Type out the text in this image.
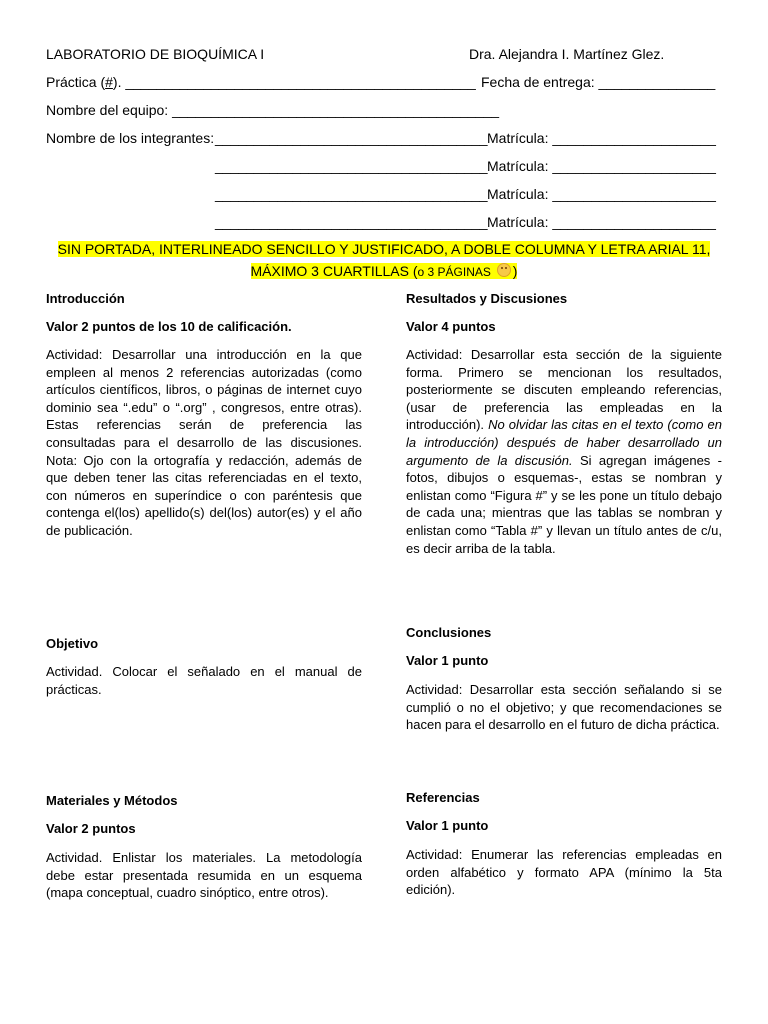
LABORATORIO DE BIOQUÍMICA I	Dra. Alejandra I. Martínez Glez.
Práctica (#). _____________________________________________ Fecha de entrega: _______________
Nombre del equipo: __________________________________________
Nombre de los integrantes: ___________________________________ Matrícula: _____________________
___________________________________ Matrícula: _____________________
___________________________________ Matrícula: _____________________
___________________________________ Matrícula: _____________________
SIN PORTADA, INTERLINEADO SENCILLO Y JUSTIFICADO, A DOBLE COLUMNA Y LETRA ARIAL 11,
MÁXIMO 3 CUARTILLAS (o 3 PÁGINAS )
Introducción
Valor 2 puntos de los 10 de calificación.
Actividad: Desarrollar una introducción en la que empleen al menos 2 referencias autorizadas (como artículos científicos, libros, o páginas de internet cuyo dominio sea “.edu” o “.org” , congresos, entre otras). Estas referencias serán de preferencia las consultadas para el desarrollo de las discusiones. Nota: Ojo con la ortografía y redacción, además de que deben tener las citas referenciadas en el texto, con números en superíndice o con paréntesis que contenga el(los) apellido(s) del(los) autor(es) y el año de publicación.
Objetivo
Actividad. Colocar el señalado en el manual de prácticas.
Materiales y Métodos
Valor 2 puntos
Actividad. Enlistar los materiales. La metodología debe estar presentada resumida en un esquema (mapa conceptual, cuadro sinóptico, entre otros).
Resultados y Discusiones
Valor 4 puntos
Actividad: Desarrollar esta sección de la siguiente forma. Primero se mencionan los resultados, posteriormente se discuten empleando referencias, (usar de preferencia las empleadas en la introducción). No olvidar las citas en el texto (como en la introducción) después de haber desarrollado un argumento de la discusión. Si agregan imágenes -fotos, dibujos o esquemas-, estas se nombran y enlistan como “Figura #” y se les pone un título debajo de cada una; mientras que las tablas se nombran y enlistan como “Tabla #” y llevan un título antes de c/u, es decir arriba de la tabla.
Conclusiones
Valor 1 punto
Actividad: Desarrollar esta sección señalando si se cumplió o no el objetivo; y que recomendaciones se hacen para el desarrollo en el futuro de dicha práctica.
Referencias
Valor 1 punto
Actividad: Enumerar las referencias empleadas en orden alfabético y formato APA (mínimo la 5ta edición).
